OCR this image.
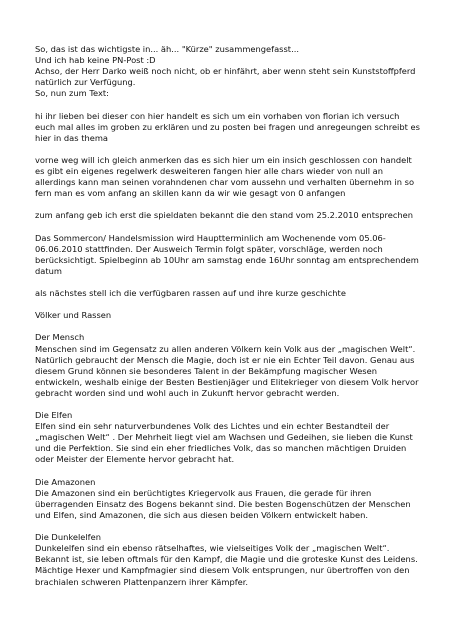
So, das ist das wichtigste in... äh... "Kürze" zusammengefasst...

Und ich hab keine PN-Post :D

Achso, der Herr Darko weiß noch nicht, ob er hinfährt, aber wenn steht sein Kunststoffpferd natürlich zur Verfügung.

So, nun zum Text:

hi ihr lieben bei dieser con hier handelt es sich um ein vorhaben von florian ich versuch euch mal alles im groben zu erklären und zu posten bei fragen und anregeungen schreibt es hier in das thema

vorne weg will ich gleich anmerken das es sich hier um ein insich geschlossen con handelt es gibt ein eigenes regelwerk desweiteren fangen hier alle chars wieder von null an allerdings kann man seinen vorahndenen char vom aussehn und verhalten übernehm in so fern man es vom anfang an skillen kann da wir wie gesagt von 0 anfangen

zum anfang geb ich erst die spieldaten bekannt die den stand vom 25.2.2010 entsprechen

Das Sommercon/ Handelsmission wird Hauptterminlich am Wochenende vom 05.06-06.06.2010 stattfinden. Der Ausweich Termin folgt später, vorschläge, werden noch berücksichtigt. Spielbeginn ab 10Uhr am samstag ende 16Uhr sonntag am entsprechendem datum

als nächstes stell ich die verfügbaren rassen auf und ihre kurze geschichte

Völker und Rassen

Der Mensch

Menschen sind im Gegensatz zu allen anderen Völkern kein Volk aus der „magischen Welt“. Natürlich gebraucht der Mensch die Magie, doch ist er nie ein Echter Teil davon. Genau aus diesem Grund können sie besonderes Talent in der Bekämpfung magischer Wesen entwickeln, weshalb einige der Besten Bestienjäger und Elitekrieger von diesem Volk hervor gebracht worden sind und wohl auch in Zukunft hervor gebracht werden.

Die Elfen

Elfen sind ein sehr naturverbundenes Volk des Lichtes und ein echter Bestandteil der „magischen Welt“ . Der Mehrheit liegt viel am Wachsen und Gedeihen, sie lieben die Kunst und die Perfektion. Sie sind ein eher friedliches Volk, das so manchen mächtigen Druiden oder Meister der Elemente hervor gebracht hat.

Die Amazonen

Die Amazonen sind ein berüchtigtes Kriegervolk aus Frauen, die gerade für ihren überragenden Einsatz des Bogens bekannt sind. Die besten Bogenschützen der Menschen und Elfen, sind Amazonen, die sich aus diesen beiden Völkern entwickelt haben.

Die Dunkelelfen

Dunkelelfen sind ein ebenso rätselhaftes, wie vielseitiges Volk der „magischen Welt“. Bekannt ist, sie leben oftmals für den Kampf, die Magie und die groteske Kunst des Leidens. Mächtige Hexer und Kampfmagier sind diesem Volk entsprungen, nur übertroffen von den brachialen schweren Plattenpanzern ihrer Kämpfer.
